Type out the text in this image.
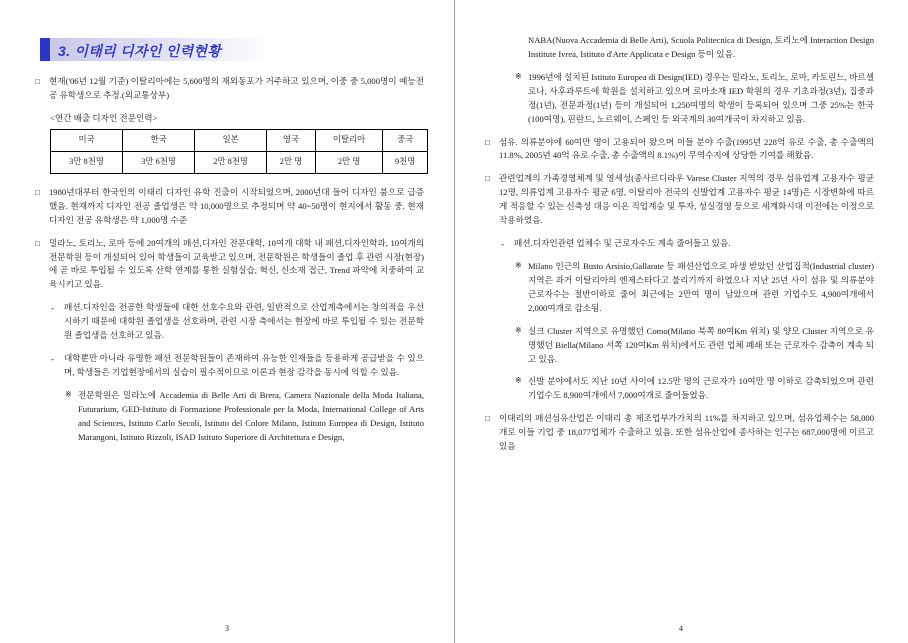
3. 이태리 디자인 인력현황
□ 현재('06년 12월 기준) 이탈리아에는 5,600명의 재외동포가 거주하고 있으며, 이중 중 5,000명이 예능전공 유학생으로 추정.(외교통상부)
<연간 배출 디자인 전문인력>
미국	한국	일본	영국	이탈리아	중국
3만 8천명	3만 6천명	2만 8천명	2만 명	2만 명	9천명
□ 1980년대부터 한국인의 이태리 디자인 유학 진출이 시작되었으며, 2000년대 들어 디자인 붐으로 급증했음. 현재까지 디자인 전공 졸업생은 약 10,000명으로 추정되며 약 40~50명이 현지에서 활동 중. 현재 디자인 전공 유학생은 약 1,000명 수준
□ 밀라노, 토리노, 로마 등에 20여개의 패션,디자인 전문대학, 10여개 대학 내 패션,디자인학과, 10여개의 전문학원 등이 개설되어 있어 학생들이 교육받고 있으며, 전문학원은 학생들이 졸업 후 관련 시장(현장)에 곧 바로 투입될 수 있도록 산학 연계를 통한 실험실습, 혁신, 신소재 접근, Trend 파악에 치중하여 교육시키고 있음.
- 패션.디자인을 전공한 학생들에 대한 선호수요와 관련, 일반적으로 산업계측에서는 창의적을 우선시하기 때문에 대학원 졸업생을 선호하며, 관련 시장 측에서는 현장에 바로 투입될 수 있는 전문학원 졸업생을 선호하고 있음.
- 대학뿐만 아니라 유명한 패션 전문학원들이 존재하여 유능한 인재들을 등용하게 공급받을 수 있으며, 학생들은 기업현장에서의 실습이 필수적이므로 이론과 현장 감각을 동시에 익힐 수 있음.
※ 전문학원은 밀라노에 Accademia di Belle Arti di Brera, Camera Nazionale della Moda Italiana, Futurarium, GED-Istituto di Formazione Professionale per la Moda, International College of Arts and Sciences, Istituto Carlo Secoli, Istituto del Colore Milano, Istituto Europea di Design, Istituto Marangoni, Istituto Rizzoli, ISAD Istituto Superiore di Architettura e Design,
3
NABA(Nuova Accademia di Belle Arti), Scuola Politecnica di Design, 토리노에 Interaction Design Institute Ivrea, Istituto d'Arte Applicata e Design 등이 있음.
※ 1996년에 설치된 Istituto Europea di Design(IED) 경우는 밀라노, 토리노, 로마, 카토린느, 바르셀로나, 사후과루트에 학원을 설치하고 있으며 로마소재 IED 학원의 경우 기초과정(3년), 집중과정(1년), 전문과정(1년) 등이 개설되어 1,250여명의 학생이 등록되어 있으며 그중 25%는 한국(100여명), 핀란드, 노르웨이, 스페인 등 외국계의 30여개국이 차지하고 있음.
□ 섬유. 의류분야에 60여만 명이 고용되어 왔으며 이들 분야 수출(1995년 228억 유로 수출, 총 수출액의 11.8%, 2005년 40억 유로 수출, 총 수출액의 8.1%)이 무역수지에 상당한 기여를 해왔음.
□ 관련업계의 가족경영체계 및 영세성(종사르디라우 Varese Cluster 지역의 경우 섬유업계 고용자수 평균 12명, 의류업계 고용자수 평균 6명, 이탈리아 전국의 신발업계 고용자수 평균 14명)은 시장변화에 따르게 적응할 수 있는 신축성 대응 이온 직업계승 및 투자, 성실경영 등으로 세계화시대 이전에는 이정으로 작용하였음.
- 패션.디자인관련 업체수 및 근로자수도 계속 줄어들고 있음.
※ Milano 인근의 Busto Arsisio,Gallarate 등 패션산업으로 파생 받았던 산업집적(Industrial cluster)지역은 과거 이탈리아의 엔제스타다고 불리기까지 하였으나 지난 25년 사이 섬유 및 의류분야 근로자수는 절반이하로 줄어 최근에는 2만여 명이 남았으며 관련 기업수도 4,900여개에서 2,000여개로 감소됨.
※ 실크 Cluster 지역으로 유명했던 Como(Milano 북쪽 80여Km 위치) 및 양모 Cluster 지역으로 유명했던 Biella(Milano 서쪽 120여Km 위치)에서도 관련 업체 폐쇄 또는 근로자수 감축이 계속 되고 있음.
※ 신발 분야에서도 지난 10년 사이에 12.5만 명의 근로자가 10여만 명 이하로 감축되었으며 관련기업수도 8,900여개에서 7,000여개로 줄어들었음.
□ 이태리의 패션섬유산업은 이태리 총 제조업부가가치의 11%를 차지하고 있으며, 섬유업체수는 58,000개로 이들 기업 중 18,077업체가 수출하고 있음. 또한 섬유산업에 종사하는 인구는 687,000명에 이르고 있음
4
